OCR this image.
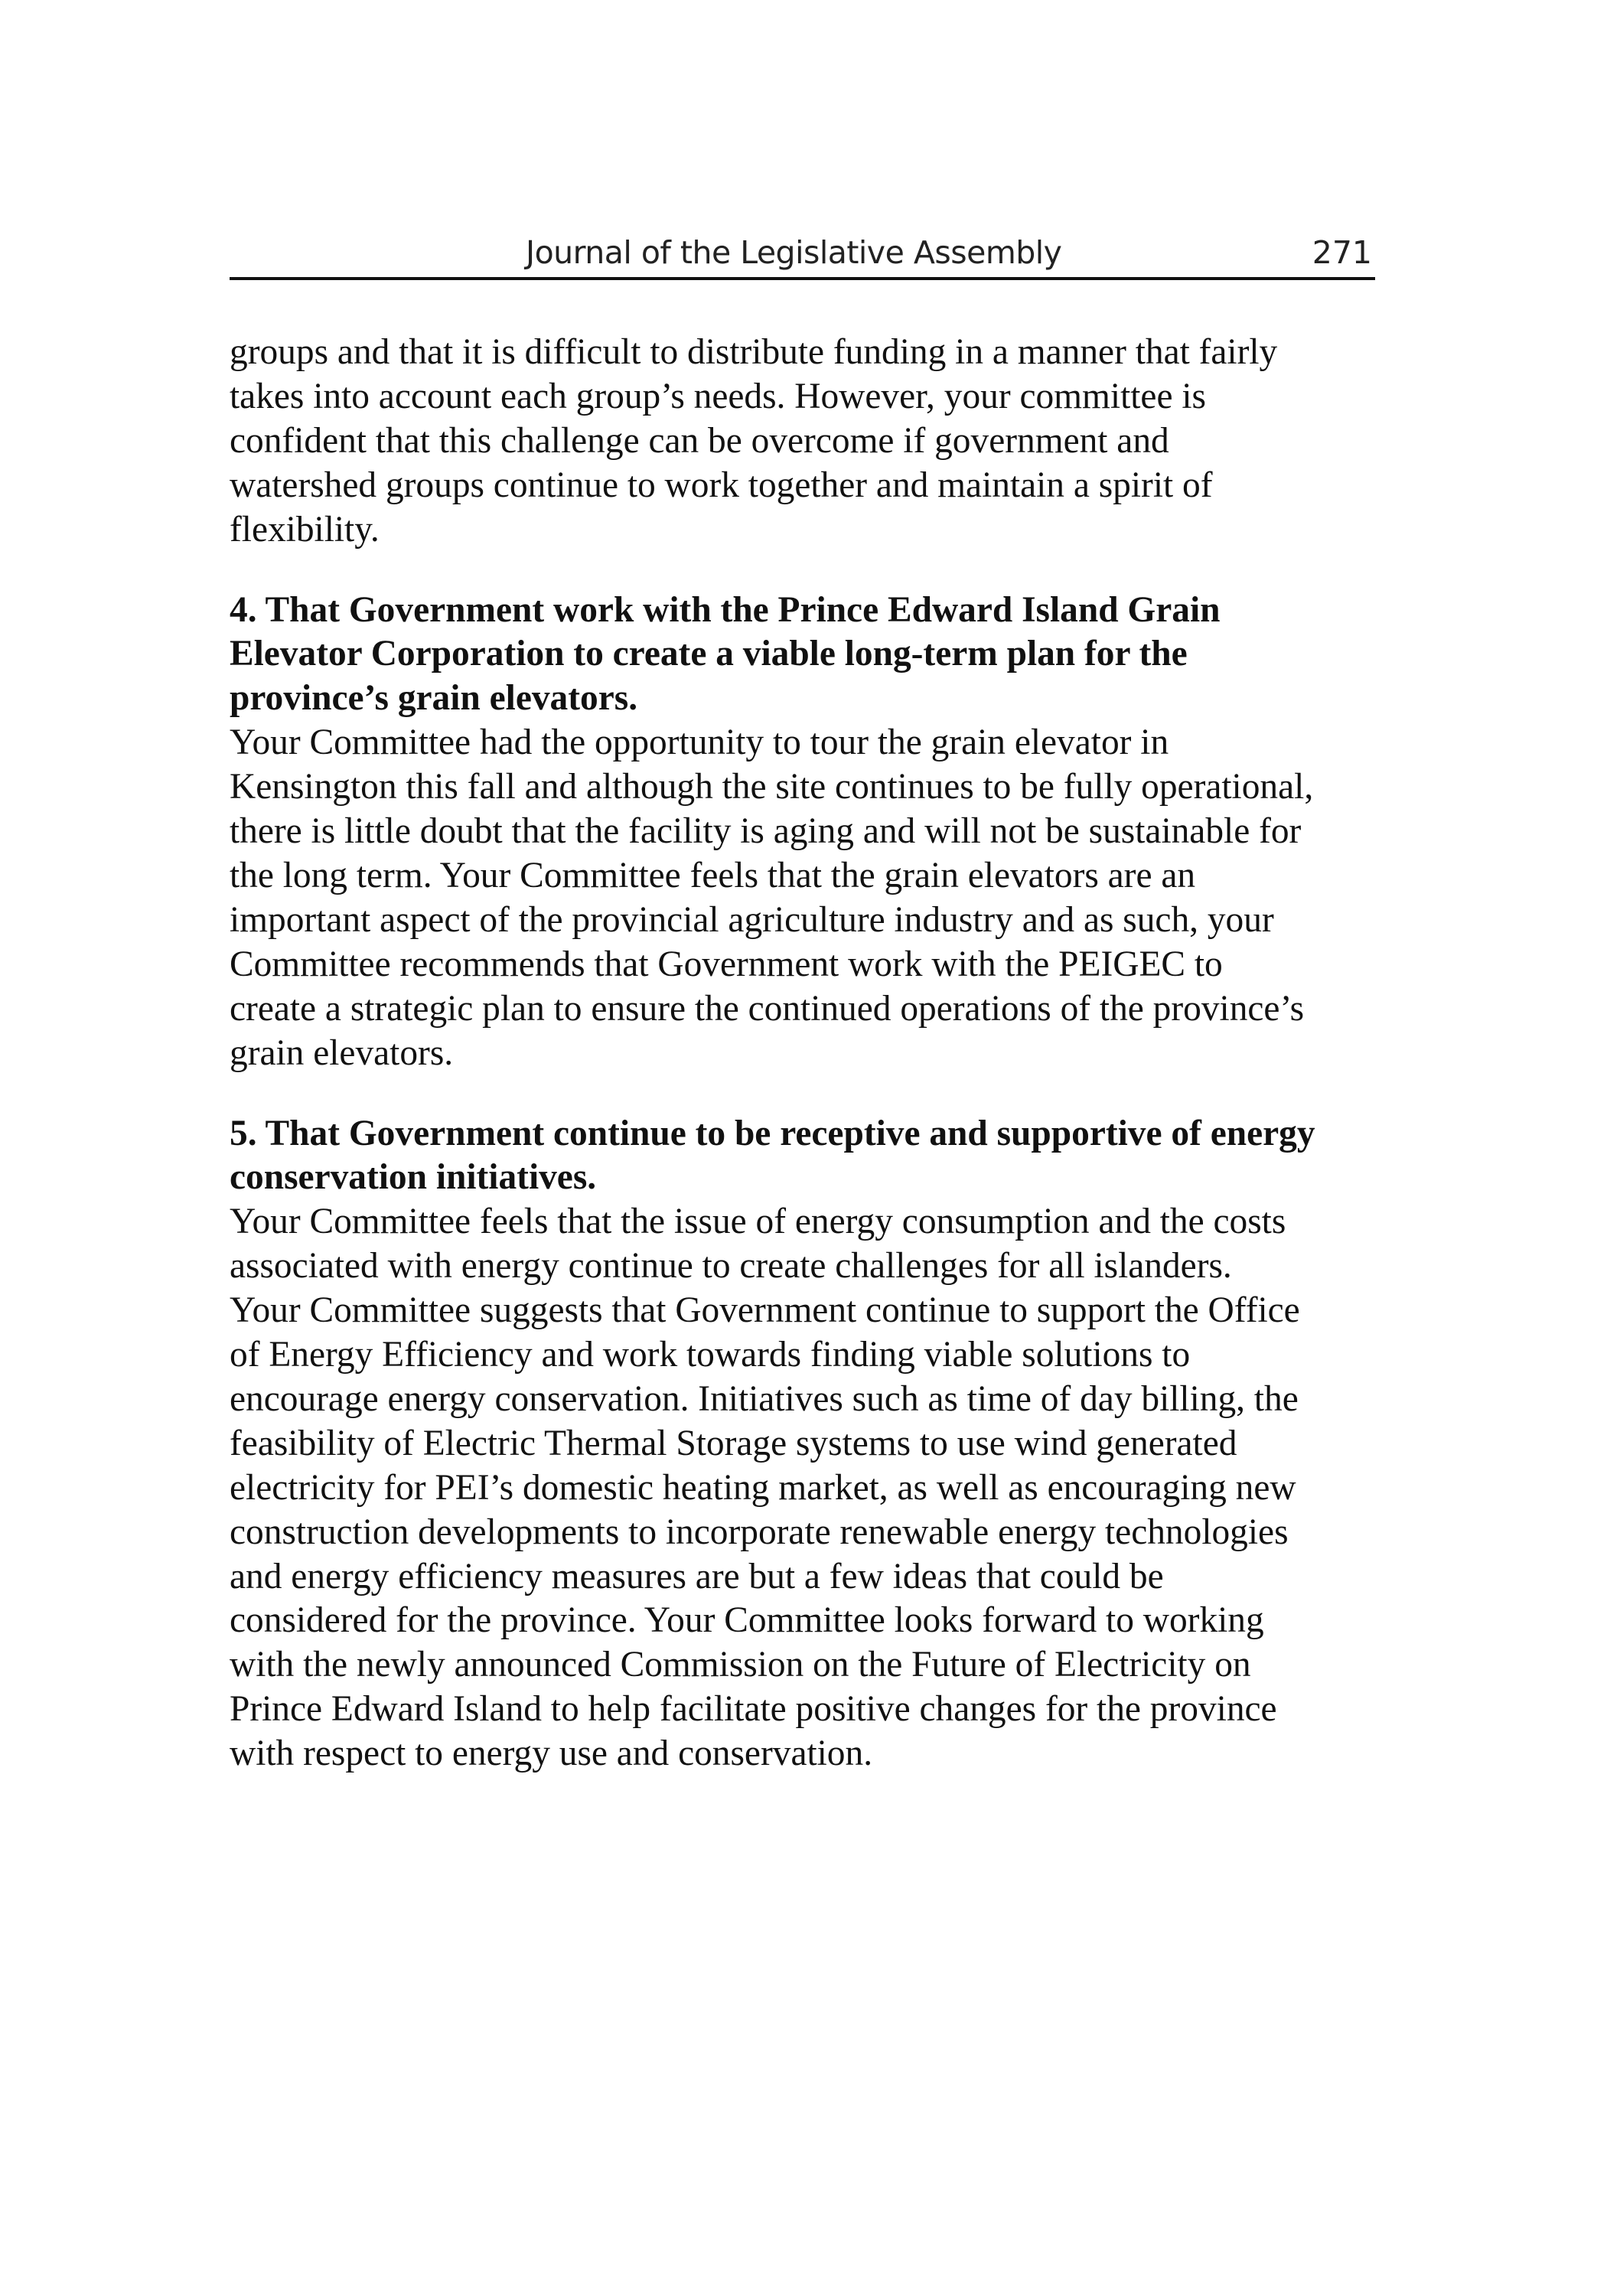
Journal of the Legislative Assembly	271

groups and that it is difficult to distribute funding in a manner that fairly
takes into account each group’s needs. However, your committee is
confident that this challenge can be overcome if government and
watershed groups continue to work together and maintain a spirit of
flexibility.

4. That Government work with the Prince Edward Island Grain
Elevator Corporation to create a viable long-term plan for the
province’s grain elevators.

Your Committee had the opportunity to tour the grain elevator in
Kensington this fall and although the site continues to be fully operational,
there is little doubt that the facility is aging and will not be sustainable for
the long term. Your Committee feels that the grain elevators are an
important aspect of the provincial agriculture industry and as such, your
Committee recommends that Government work with the PEIGEC to
create a strategic plan to ensure the continued operations of the province’s
grain elevators.

5. That Government continue to be receptive and supportive of energy
conservation initiatives.

Your Committee feels that the issue of energy consumption and the costs
associated with energy continue to create challenges for all islanders.
Your Committee suggests that Government continue to support the Office
of Energy Efficiency and work towards finding viable solutions to
encourage energy conservation. Initiatives such as time of day billing, the
feasibility of Electric Thermal Storage systems to use wind generated
electricity for PEI’s domestic heating market, as well as encouraging new
construction developments to incorporate renewable energy technologies
and energy efficiency measures are but a few ideas that could be
considered for the province. Your Committee looks forward to working
with the newly announced Commission on the Future of Electricity on
Prince Edward Island to help facilitate positive changes for the province
with respect to energy use and conservation.
